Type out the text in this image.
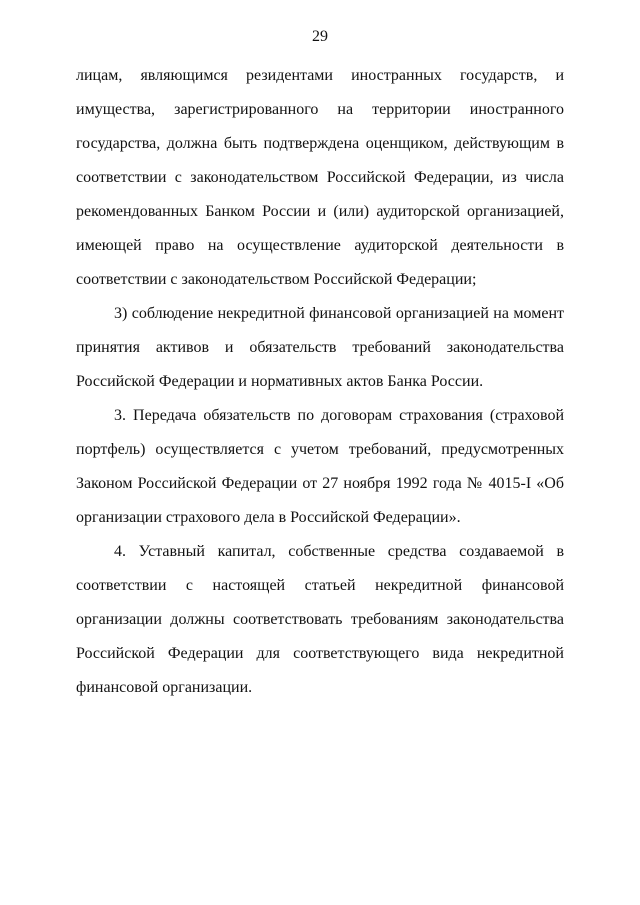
29

лицам, являющимся резидентами иностранных государств, и имущества, зарегистрированного на территории иностранного государства, должна быть подтверждена оценщиком, действующим в соответствии с законодательством Российской Федерации, из числа рекомендованных Банком России и (или) аудиторской организацией, имеющей право на осуществление аудиторской деятельности в соответствии с законодательством Российской Федерации;

3) соблюдение некредитной финансовой организацией на момент принятия активов и обязательств требований законодательства Российской Федерации и нормативных актов Банка России.

3. Передача обязательств по договорам страхования (страховой портфель) осуществляется с учетом требований, предусмотренных Законом Российской Федерации от 27 ноября 1992 года № 4015-I «Об организации страхового дела в Российской Федерации».

4. Уставный капитал, собственные средства создаваемой в соответствии с настоящей статьей некредитной финансовой организации должны соответствовать требованиям законодательства Российской Федерации для соответствующего вида некредитной финансовой организации.
